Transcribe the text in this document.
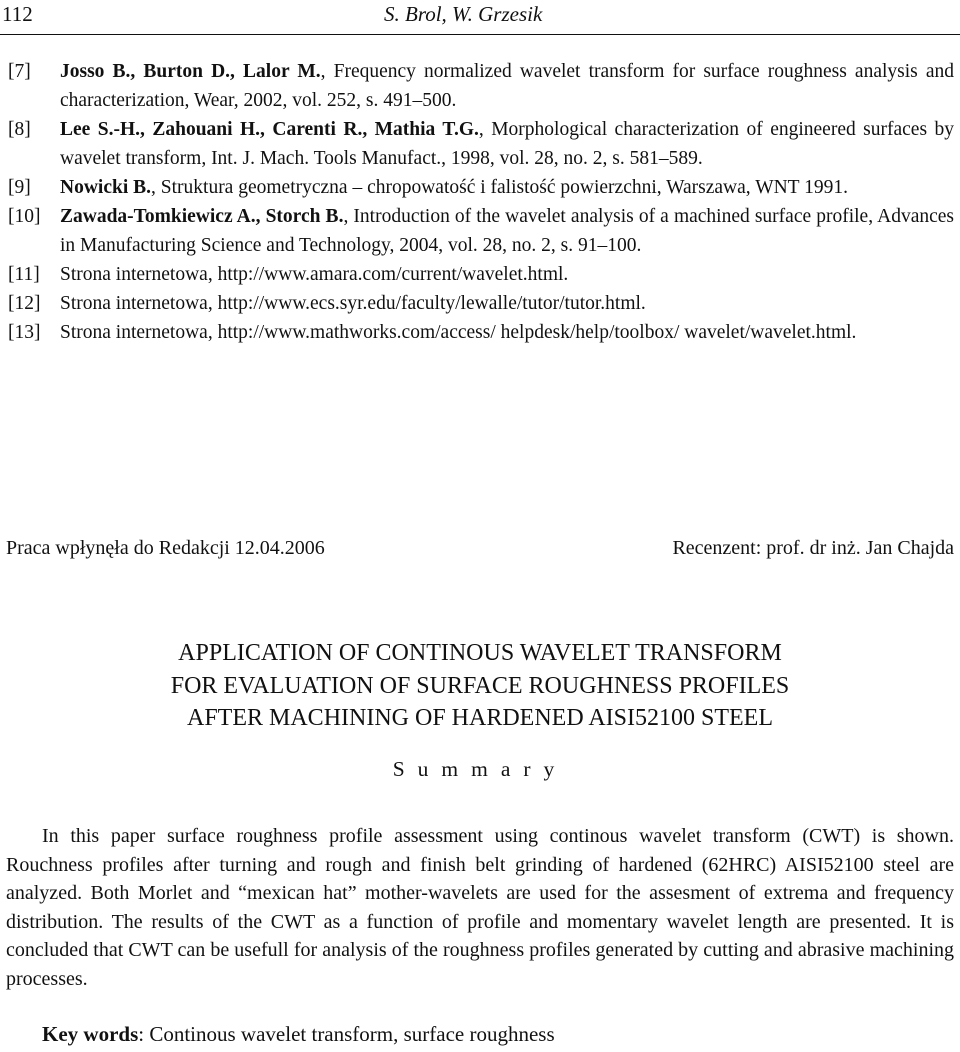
112	S. Brol, W. Grzesik
[7]	Josso B., Burton D., Lalor M., Frequency normalized wavelet transform for surface roughness analysis and characterization, Wear, 2002, vol. 252, s. 491–500.
[8]	Lee S.-H., Zahouani H., Carenti R., Mathia T.G., Morphological characterization of engineered surfaces by wavelet transform, Int. J. Mach. Tools Manufact., 1998, vol. 28, no. 2, s. 581–589.
[9]	Nowicki B., Struktura geometryczna – chropowatość i falistość powierzchni, Warszawa, WNT 1991.
[10]	Zawada-Tomkiewicz A., Storch B., Introduction of the wavelet analysis of a machined surface profile, Advances in Manufacturing Science and Technology, 2004, vol. 28, no. 2, s. 91–100.
[11]	Strona internetowa, http://www.amara.com/current/wavelet.html.
[12]	Strona internetowa, http://www.ecs.syr.edu/faculty/lewalle/tutor/tutor.html.
[13]	Strona internetowa, http://www.mathworks.com/access/ helpdesk/help/toolbox/ wavelet/wavelet.html.
Praca wpłynęła do Redakcji 12.04.2006	Recenzent: prof. dr inż. Jan Chajda
APPLICATION OF CONTINOUS WAVELET TRANSFORM
FOR EVALUATION OF SURFACE ROUGHNESS PROFILES
AFTER MACHINING OF HARDENED AISI52100 STEEL
Summary

In this paper surface roughness profile assessment using continous wavelet transform (CWT) is shown. Rouchness profiles after turning and rough and finish belt grinding of hardened (62HRC) AISI52100 steel are analyzed. Both Morlet and “mexican hat” mother-wavelets are used for the assesment of extrema and frequency distribution. The results of the CWT as a function of profile and momentary wavelet length are presented. It is concluded that CWT can be usefull for analysis of the roughness profiles generated by cutting and abrasive machining processes.

Key words: Continous wavelet transform, surface roughness
